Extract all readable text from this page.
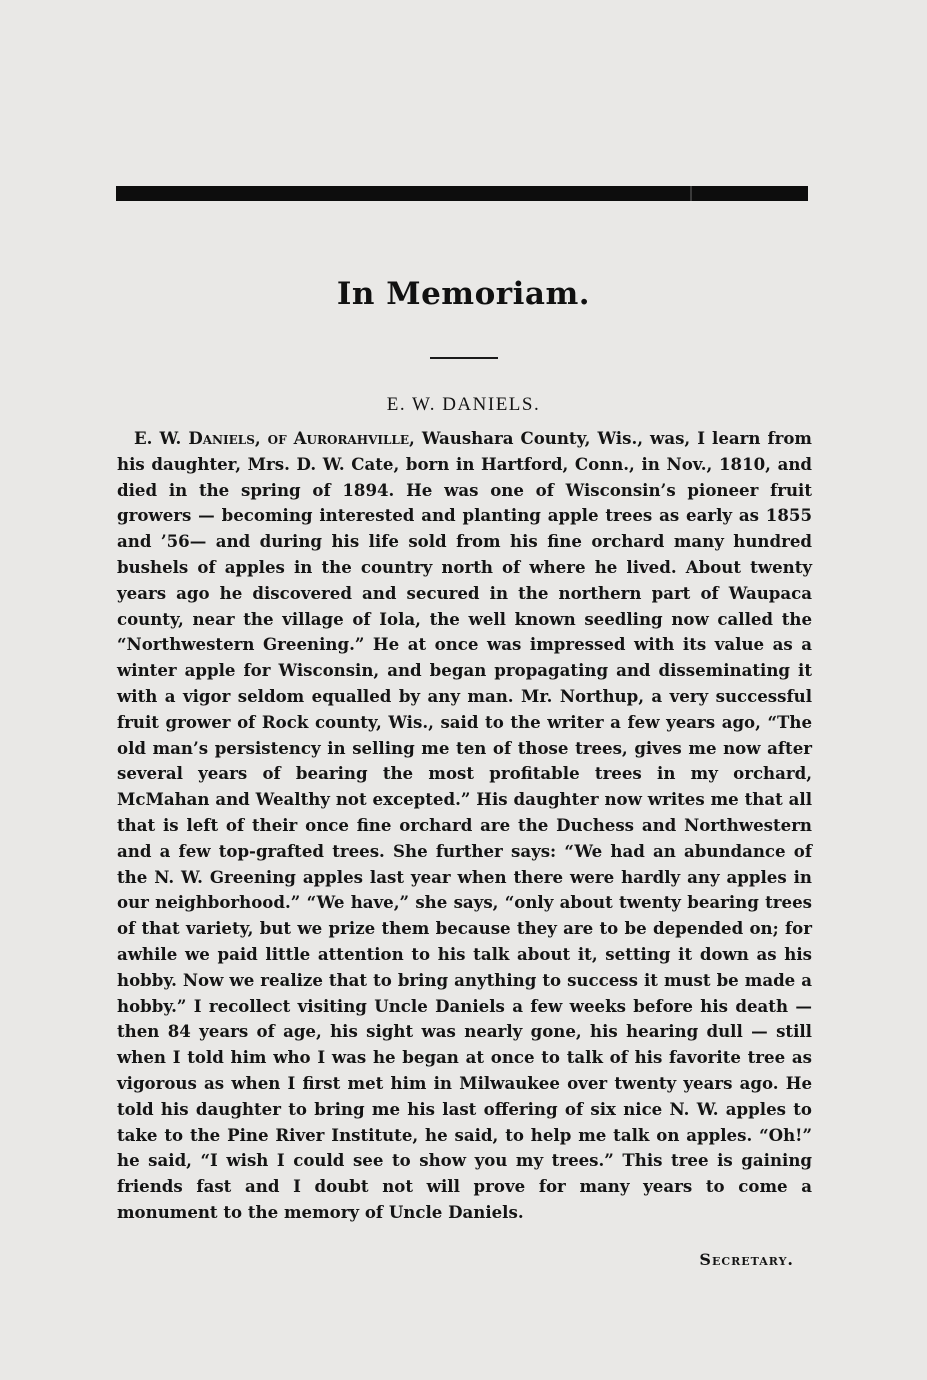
In Memoriam.
E. W. DANIELS.

E. W. Daniels, of Aurorahville, Waushara County, Wis., was, I learn from his daughter, Mrs. D. W. Cate, born in Hartford, Conn., in Nov., 1810, and died in the spring of 1894. He was one of Wisconsin’s pioneer fruit growers — becoming interested and planting apple trees as early as 1855 and ’56— and during his life sold from his fine orchard many hundred bushels of apples in the country north of where he lived. About twenty years ago he discovered and secured in the northern part of Waupaca county, near the village of Iola, the well known seedling now called the “Northwestern Greening.” He at once was impressed with its value as a winter apple for Wisconsin, and began propagating and disseminating it with a vigor seldom equalled by any man. Mr. Northup, a very successful fruit grower of Rock county, Wis., said to the writer a few years ago, “The old man’s persistency in selling me ten of those trees, gives me now after several years of bearing the most profitable trees in my orchard, McMahan and Wealthy not excepted.” His daughter now writes me that all that is left of their once fine orchard are the Duchess and Northwestern and a few top-grafted trees. She further says: “We had an abundance of the N. W. Greening apples last year when there were hardly any apples in our neighborhood.” “We have,” she says, “only about twenty bearing trees of that variety, but we prize them because they are to be depended on; for awhile we paid little attention to his talk about it, setting it down as his hobby. Now we realize that to bring anything to success it must be made a hobby.” I recollect visiting Uncle Daniels a few weeks before his death — then 84 years of age, his sight was nearly gone, his hearing dull — still when I told him who I was he began at once to talk of his favorite tree as vigorous as when I first met him in Milwaukee over twenty years ago. He told his daughter to bring me his last offering of six nice N. W. apples to take to the Pine River Institute, he said, to help me talk on apples. “Oh!” he said, “I wish I could see to show you my trees.” This tree is gaining friends fast and I doubt not will prove for many years to come a monument to the memory of Uncle Daniels.

Secretary.
